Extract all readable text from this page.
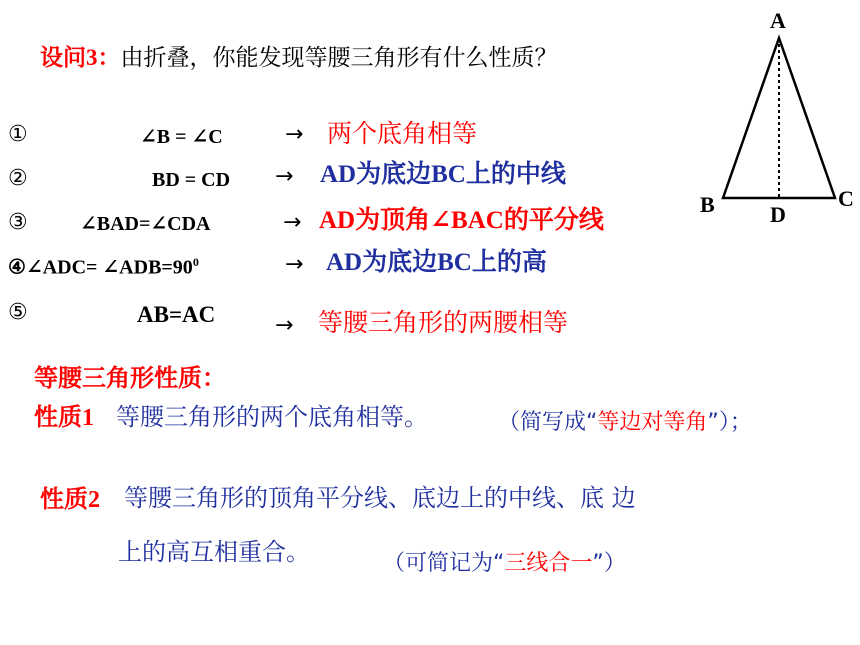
设问3：由折叠，你能发现等腰三角形有什么性质？
①	∠B = ∠C	→ 两个底角相等
②	BD = CD → AD为底边BC上的中线
③	∠BAD=∠CDA	→ AD为顶角∠BAC的平分线
④∠ADC= $\angle ADB=90^0$	→ AD为底边BC上的高
⑤	AB=AC	→ 等腰三角形的两腰相等
等腰三角形性质：
性质1 等腰三角形的两个底角相等。	（简写成“等边对等角”）；
性质2 等腰三角形的顶角平分线、底边上的中线、底 边
上的高互相重合。	（可简记为“三线合一”）
A
B	C
D
